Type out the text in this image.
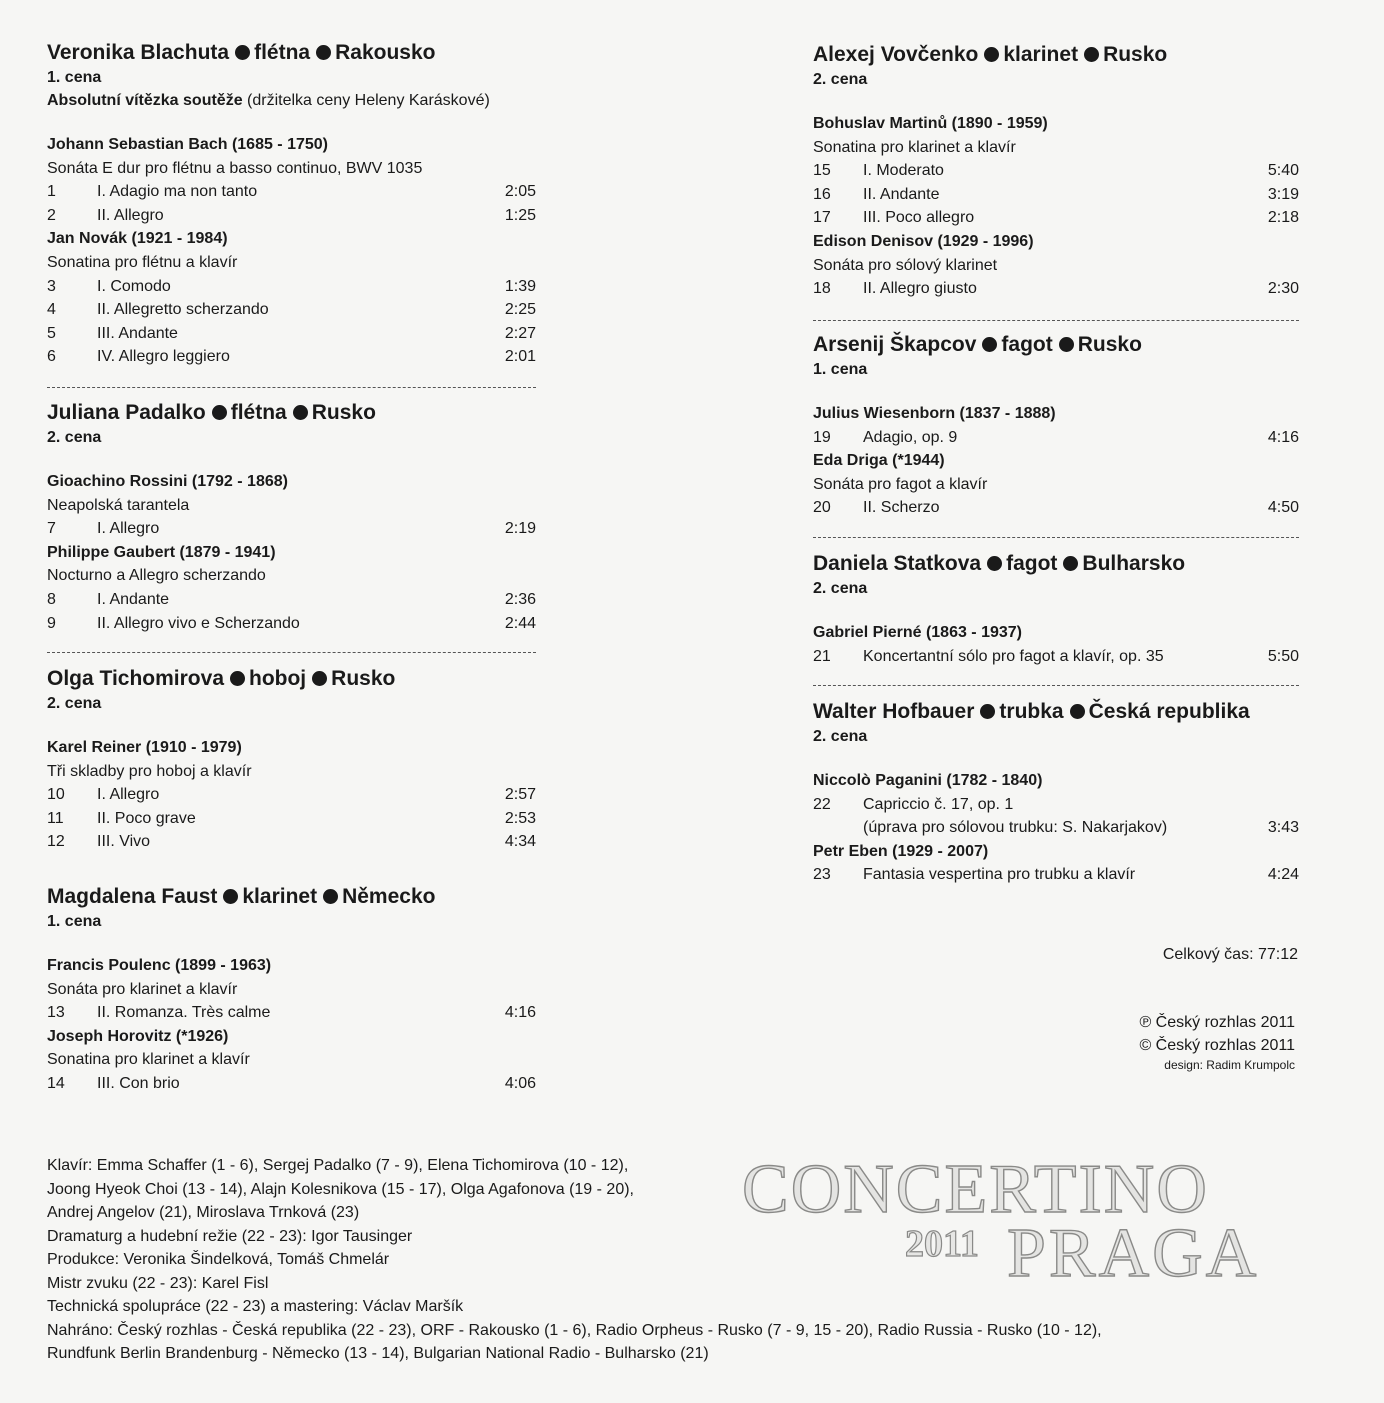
Veronika Blachuta flétna Rakousko
1. cena
Absolutní vítězka soutěže (držitelka ceny Heleny Karáskové)
Johann Sebastian Bach (1685 - 1750)
Sonáta E dur pro flétnu a basso continuo, BWV 1035
1	I. Adagio ma non tanto	2:05
2	II. Allegro	1:25
Jan Novák (1921 - 1984)
Sonatina pro flétnu a klavír
3	I. Comodo	1:39
4	II. Allegretto scherzando	2:25
5	III. Andante	2:27
6	IV. Allegro leggiero	2:01
Juliana Padalko flétna Rusko
2. cena
Gioachino Rossini (1792 - 1868)
Neapolská tarantela
7	I. Allegro	2:19
Philippe Gaubert (1879 - 1941)
Nocturno a Allegro scherzando
8	I. Andante	2:36
9	II. Allegro vivo e Scherzando	2:44
Olga Tichomirova hoboj Rusko
2. cena
Karel Reiner (1910 - 1979)
Tři skladby pro hoboj a klavír
10	I. Allegro	2:57
11	II. Poco grave	2:53
12	III. Vivo	4:34
Magdalena Faust klarinet Německo
1. cena
Francis Poulenc (1899 - 1963)
Sonáta pro klarinet a klavír
13	II. Romanza. Très calme	4:16
Joseph Horovitz (*1926)
Sonatina pro klarinet a klavír
14	III. Con brio	4:06
Alexej Vovčenko klarinet Rusko
2. cena
Bohuslav Martinů (1890 - 1959)
Sonatina pro klarinet a klavír
15	I. Moderato	5:40
16	II. Andante	3:19
17	III. Poco allegro	2:18
Edison Denisov (1929 - 1996)
Sonáta pro sólový klarinet
18	II. Allegro giusto	2:30
Arsenij Škapcov fagot Rusko
1. cena
Julius Wiesenborn (1837 - 1888)
19	Adagio, op. 9	4:16
Eda Driga (*1944)
Sonáta pro fagot a klavír
20	II. Scherzo	4:50
Daniela Statkova fagot Bulharsko
2. cena
Gabriel Pierné (1863 - 1937)
21	Koncertantní sólo pro fagot a klavír, op. 35	5:50
Walter Hofbauer trubka Česká republika
2. cena
Niccolò Paganini (1782 - 1840)
22	Capriccio č. 17, op. 1
(úprava pro sólovou trubku: S. Nakarjakov)	3:43
Petr Eben (1929 - 2007)
23	Fantasia vespertina pro trubku a klavír	4:24
Celkový čas: 77:12
℗ Český rozhlas 2011
© Český rozhlas 2011
design: Radim Krumpolc
Klavír: Emma Schaffer (1 - 6), Sergej Padalko (7 - 9), Elena Tichomirova (10 - 12),
Joong Hyeok Choi (13 - 14), Alajn Kolesnikova (15 - 17), Olga Agafonova (19 - 20),
Andrej Angelov (21), Miroslava Trnková (23)
Dramaturg a hudební režie (22 - 23): Igor Tausinger
Produkce: Veronika Šindelková, Tomáš Chmelár
Mistr zvuku (22 - 23): Karel Fisl
Technická spolupráce (22 - 23) a mastering: Václav Maršík
Nahráno: Český rozhlas - Česká republika (22 - 23), ORF - Rakousko (1 - 6), Radio Orpheus - Rusko (7 - 9, 15 - 20), Radio Russia - Rusko (10 - 12),
Rundfunk Berlin Brandenburg - Německo (13 - 14), Bulgarian National Radio - Bulharsko (21)
CONCERTINO
2011 PRAGA
